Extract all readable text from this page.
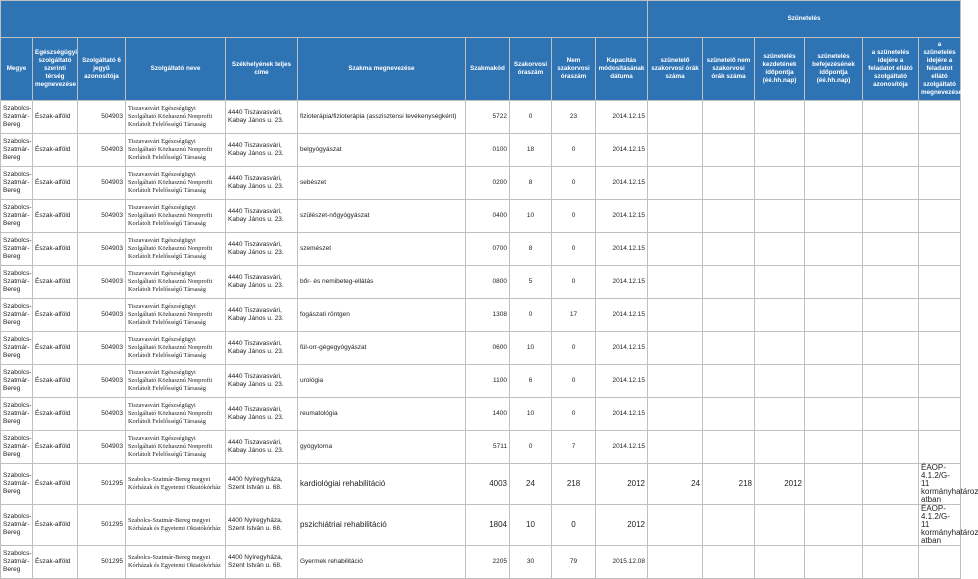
										Szünetelés					
Megye	Egészségügyi szolgáltató szerinti térség megnevezése	Szolgáltató 6 jegyű azonosítója	Szolgáltató neve	Székhelyének teljes címe	Szakma megnevezése	Szakmakód	Szakorvosi óraszám	Nem szakorvosi óraszám	Kapacitás módosításának dátuma	szünetelő szakorvosi órák száma	szünetelő nem szakorvosi órák száma	szünetelés kezdetének időpontja (éé.hh.nap)	szünetelés befejezésének időpontja (éé.hh.nap)	a szünetelés idejére a feladatot ellátó szolgáltató azonosítója	a szünetelés idejére a feladatot ellátó szolgáltató megnevezése
Szabolcs-Szatmár-Bereg	Észak-alföld	504903	Tiszavasvári Egészségügyi Szolgáltató Közhasznú Nonprofit Korlátolt Felelősségű Társaság	4440 Tiszavasvári, Kabay János u. 23.	fizioterápia/fizioterápia (asszisztensi tevékenységként)	5722	0	23	2014.12.15						
Szabolcs-Szatmár-Bereg	Észak-alföld	504903	Tiszavasvári Egészségügyi Szolgáltató Közhasznú Nonprofit Korlátolt Felelősségű Társaság	4440 Tiszavasvári, Kabay János u. 23.	belgyógyászat	0100	18	0	2014.12.15						
Szabolcs-Szatmár-Bereg	Észak-alföld	504903	Tiszavasvári Egészségügyi Szolgáltató Közhasznú Nonprofit Korlátolt Felelősségű Társaság	4440 Tiszavasvári, Kabay János u. 23.	sebészet	0200	8	0	2014.12.15						
Szabolcs-Szatmár-Bereg	Észak-alföld	504903	Tiszavasvári Egészségügyi Szolgáltató Közhasznú Nonprofit Korlátolt Felelősségű Társaság	4440 Tiszavasvári, Kabay János u. 23.	szülészet-nőgyógyászat	0400	10	0	2014.12.15						
Szabolcs-Szatmár-Bereg	Észak-alföld	504903	Tiszavasvári Egészségügyi Szolgáltató Közhasznú Nonprofit Korlátolt Felelősségű Társaság	4440 Tiszavasvári, Kabay János u. 23.	szemészet	0700	8	0	2014.12.15						
Szabolcs-Szatmár-Bereg	Észak-alföld	504903	Tiszavasvári Egészségügyi Szolgáltató Közhasznú Nonprofit Korlátolt Felelősségű Társaság	4440 Tiszavasvári, Kabay János u. 23.	bőr- és nemibeteg-ellátás	0800	5	0	2014.12.15						
Szabolcs-Szatmár-Bereg	Észak-alföld	504903	Tiszavasvári Egészségügyi Szolgáltató Közhasznú Nonprofit Korlátolt Felelősségű Társaság	4440 Tiszavasvári, Kabay János u. 23.	fogászati röntgen	1308	0	17	2014.12.15						
Szabolcs-Szatmár-Bereg	Észak-alföld	504903	Tiszavasvári Egészségügyi Szolgáltató Közhasznú Nonprofit Korlátolt Felelősségű Társaság	4440 Tiszavasvári, Kabay János u. 23.	fül-orr-gégegyógyászat	0600	10	0	2014.12.15						
Szabolcs-Szatmár-Bereg	Észak-alföld	504903	Tiszavasvári Egészségügyi Szolgáltató Közhasznú Nonprofit Korlátolt Felelősségű Társaság	4440 Tiszavasvári, Kabay János u. 23.	urológia	1100	6	0	2014.12.15						
Szabolcs-Szatmár-Bereg	Észak-alföld	504903	Tiszavasvári Egészségügyi Szolgáltató Közhasznú Nonprofit Korlátolt Felelősségű Társaság	4440 Tiszavasvári, Kabay János u. 23.	reumatológia	1400	10	0	2014.12.15						
Szabolcs-Szatmár-Bereg	Észak-alföld	504903	Tiszavasvári Egészségügyi Szolgáltató Közhasznú Nonprofit Korlátolt Felelősségű Társaság	4440 Tiszavasvári, Kabay János u. 23.	gyógytorna	5711	0	7	2014.12.15						
Szabolcs-Szatmár-Bereg	Észak-alföld	501295	Szabolcs-Szatmár-Bereg megyei Kórházak és Egyetemi Oktatókórház	4400 Nyíregyháza, Szent István u. 68.	kardiológiai rehabilitáció	4003	24	218	2012	24	218	2012			ÉAOP-4.1.2/G-11 kormányhatároz atban
Szabolcs-Szatmár-Bereg	Észak-alföld	501295	Szabolcs-Szatmár-Bereg megyei Kórházak és Egyetemi Oktatókórház	4400 Nyíregyháza, Szent István u. 68.	pszichiátriai rehabilitáció	1804	10	0	2012						ÉAOP-4.1.2/G-11 kormányhatároz atban
Szabolcs-Szatmár-Bereg	Észak-alföld	501295	Szabolcs-Szatmár-Bereg megyei Kórházak és Egyetemi Oktatókórház	4400 Nyíregyháza, Szent István u. 68.	Gyermek rehabilitáció	2205	30	79	2015.12.08						
